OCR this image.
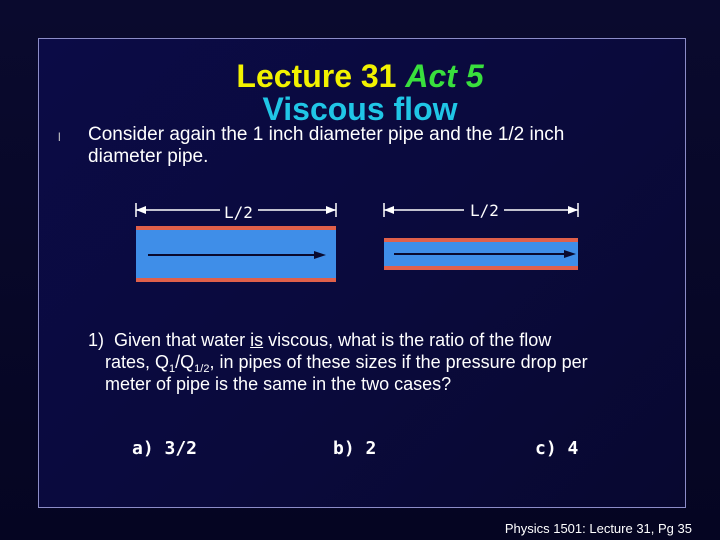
Lecture 31 Act 5
Viscous flow
l Consider again the 1 inch diameter pipe and the 1/2 inch
diameter pipe.
L/2	L/2
1) Given that water is viscous, what is the ratio of the flow
rates, $Q_1/Q_{1/2}$, in pipes of these sizes if the pressure drop per
meter of pipe is the same in the two cases?
a) 3/2	b) 2	c) 4
Physics 1501: Lecture 31, Pg 35
